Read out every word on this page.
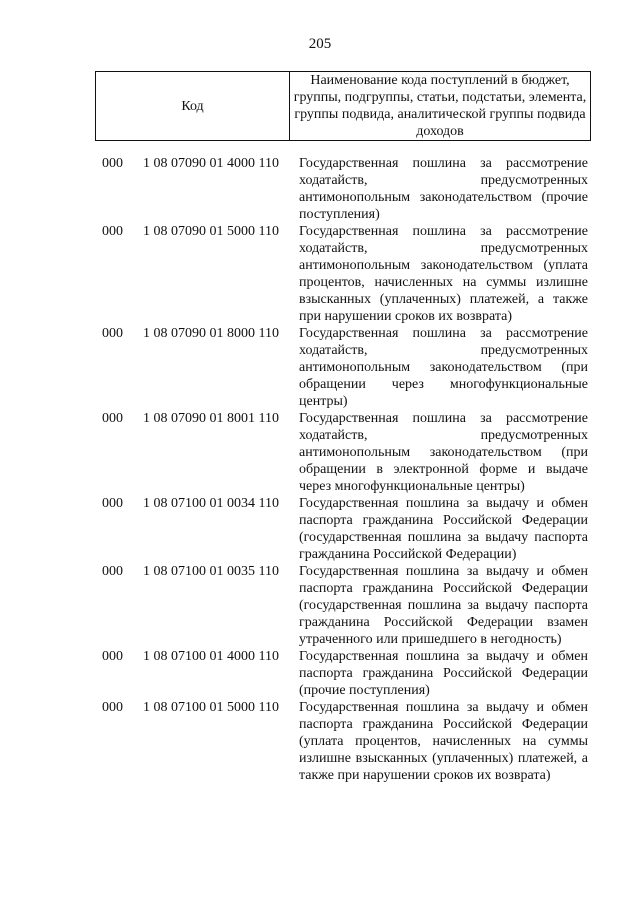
205
Код	Наименование кода поступлений в бюджет, группы, подгруппы, статьи, подстатьи, элемента, группы подвида, аналитической группы подвида доходов
000 1 08 07090 01 4000 110 Государственная пошлина за рассмотрение ходатайств, предусмотренных антимонопольным законодательством (прочие поступления)
000 1 08 07090 01 5000 110 Государственная пошлина за рассмотрение ходатайств, предусмотренных антимонопольным законодательством (уплата процентов, начисленных на суммы излишне взысканных (уплаченных) платежей, а также при нарушении сроков их возврата)
000 1 08 07090 01 8000 110 Государственная пошлина за рассмотрение ходатайств, предусмотренных антимонопольным законодательством (при обращении через многофункциональные центры)
000 1 08 07090 01 8001 110 Государственная пошлина за рассмотрение ходатайств, предусмотренных антимонопольным законодательством (при обращении в электронной форме и выдаче через многофункциональные центры)
000 1 08 07100 01 0034 110 Государственная пошлина за выдачу и обмен паспорта гражданина Российской Федерации (государственная пошлина за выдачу паспорта гражданина Российской Федерации)
000 1 08 07100 01 0035 110 Государственная пошлина за выдачу и обмен паспорта гражданина Российской Федерации (государственная пошлина за выдачу паспорта гражданина Российской Федерации взамен утраченного или пришедшего в негодность)
000 1 08 07100 01 4000 110 Государственная пошлина за выдачу и обмен паспорта гражданина Российской Федерации (прочие поступления)
000 1 08 07100 01 5000 110 Государственная пошлина за выдачу и обмен паспорта гражданина Российской Федерации (уплата процентов, начисленных на суммы излишне взысканных (уплаченных) платежей, а также при нарушении сроков их возврата)
